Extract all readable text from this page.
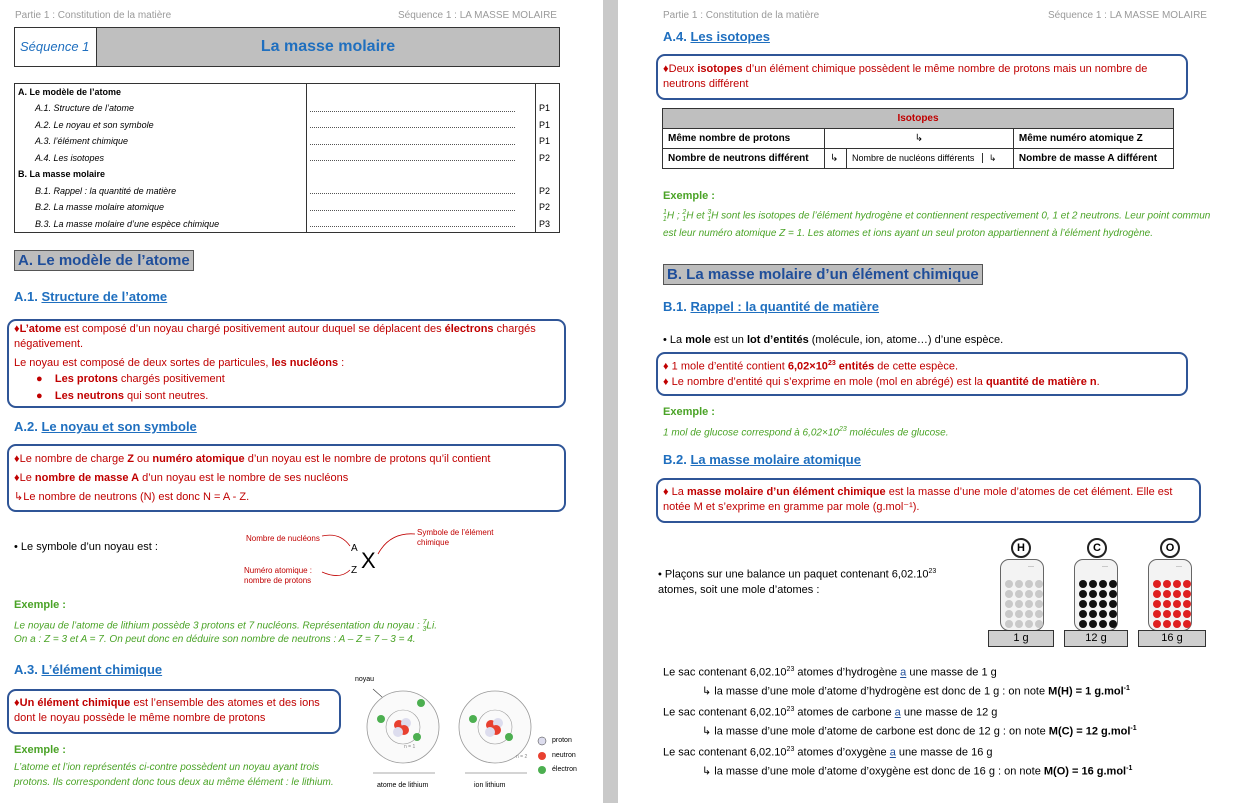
Partie 1 : Constitution de la matière	Séquence 1 : LA MASSE MOLAIRE
Séquence 1	La masse molaire
A. Le modèle de l’atome		
A.1. Structure de l’atome		P1
A.2. Le noyau et son symbole		P1
A.3. l’élément chimique		P1
A.4. Les isotopes		P2
B. La masse molaire		
B.1. Rappel : la quantité de matière		P2
B.2. La masse molaire atomique		P2
B.3. La masse molaire d’une espèce chimique		P3
A. Le modèle de l’atome
A.1. Structure de l’atome
♦L’atome est composé d’un noyau chargé positivement autour duquel se déplacent des électrons chargés négativement.
Le noyau est composé de deux sortes de particules, les nucléons :
●    Les protons chargés positivement
●    Les neutrons qui sont neutres.
A.2. Le noyau et son symbole
♦Le nombre de charge Z ou numéro atomique d’un noyau est le nombre de protons qu’il contient
♦Le nombre de masse A d’un noyau est le nombre de ses nucléons
↳Le nombre de neutrons (N) est donc N = A - Z.
• Le symbole d’un noyau est :
Nombre de nucléons
Numéro atomique : nombre de protons
Symbole de l’élément chimique
A
Z X
Exemple :
Le noyau de l’atome de lithium possède 3 protons et 7 nucléons. Représentation du noyau : $^7_3$Li.
On a : Z = 3 et A = 7. On peut donc en déduire son nombre de neutrons : A – Z = 7 – 3 = 4.
A.3. L’élément chimique
♦Un élément chimique est l’ensemble des atomes et des ions dont le noyau possède le même nombre de protons
Exemple :
L’atome et l’ion représentés ci-contre possèdent un noyau ayant trois protons. Ils correspondent donc tous deux au même élément : le lithium.
noyau
atome de lithium	ion lithium
n = 1
n = 2
proton
neutron
électron
Partie 1 : Constitution de la matière	Séquence 1 : LA MASSE MOLAIRE
A.4. Les isotopes
♦Deux isotopes d’un élément chimique possèdent le même nombre de protons mais un nombre de neutrons différent
Isotopes			
Même nombre de protons	↳		Même numéro atomique Z
Nombre de neutrons différent	↳	Nombre de nucléons différents ↳	Nombre de masse A différent
Exemple :
$^1_1$H ; $^2_1$H et $^3_1$H sont les isotopes de l’élément hydrogène et contiennent respectivement 0, 1 et 2 neutrons. Leur point commun est leur numéro atomique Z = 1. Les atomes et ions ayant un seul proton appartiennent à l’élément hydrogène.
B. La masse molaire d’un élément chimique
B.1. Rappel : la quantité de matière
• La mole est un lot d’entités (molécule, ion, atome…) d’une espèce.
♦ 1 mole d’entité contient $6,02\times 10^{23}$ entités de cette espèce.
♦ Le nombre d’entité qui s’exprime en mole (mol en abrégé) est la quantité de matière n.
Exemple :
1 mol de glucose correspond à $6,02\times 10^{23}$ molécules de glucose.
B.2. La masse molaire atomique
♦ La masse molaire d’un élément chimique est la masse d’une mole d’atomes de cet élément. Elle est notée M et s’exprime en gramme par mole (g.mol⁻¹).
• Plaçons sur une balance un paquet contenant 6,02.10$^{23}$ atomes, soit une mole d’atomes :
H	C	O
···	···	···
1 g	12 g	16 g
Le sac contenant 6,02.10$^{23}$ atomes d’hydrogène a une masse de 1 g
↳ la masse d’une mole d’atome d’hydrogène est donc de 1 g : on note M(H) = 1 g.mol$^{-1}$
Le sac contenant 6,02.10$^{23}$ atomes de carbone a une masse de 12 g
↳ la masse d’une mole d’atome de carbone est donc de 12 g : on note M(C) = 12 g.mol$^{-1}$
Le sac contenant 6,02.10$^{23}$ atomes d’oxygène a une masse de 16 g
↳ la masse d’une mole d’atome d’oxygène est donc de 16 g : on note M(O) = 16 g.mol$^{-1}$
